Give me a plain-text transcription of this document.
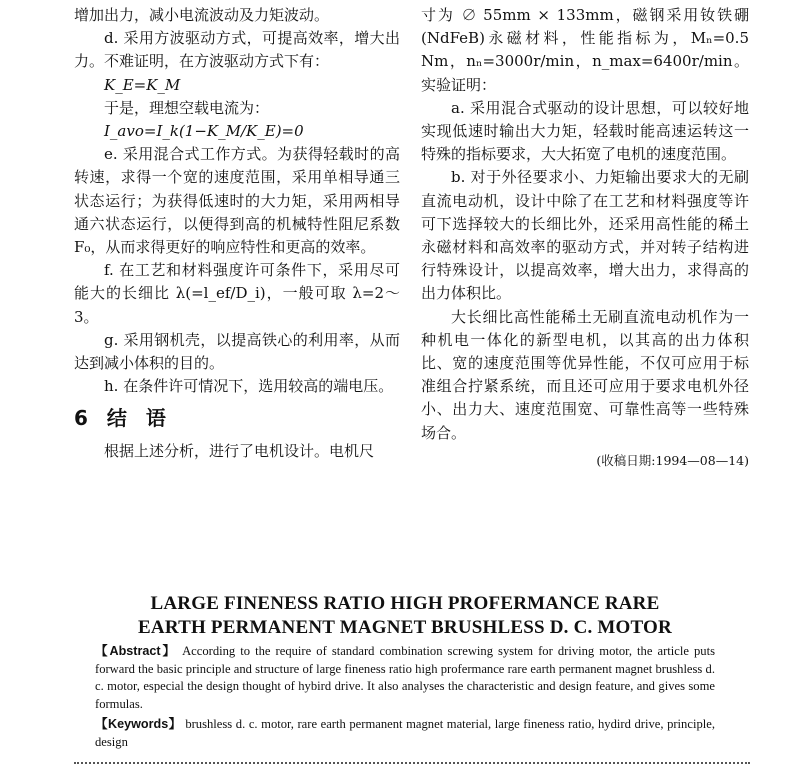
增加出力，减小电流波动及力矩波动。

d. 采用方波驱动方式，可提高效率，增大出力。不难证明，在方波驱动方式下有：

K_E=K_M

于是，理想空载电流为：

I_avo=I_k(1−K_M/K_E)=0

e. 采用混合式工作方式。为获得轻载时的高转速，求得一个宽的速度范围，采用单相导通三状态运行；为获得低速时的大力矩，采用两相导通六状态运行，以便得到高的机械特性阻尼系数 F₀，从而求得更好的响应特性和更高的效率。

f. 在工艺和材料强度许可条件下，采用尽可能大的长细比 λ(=l_ef/D_i)，一般可取 λ=2～3。

g. 采用钢机壳，以提高铁心的利用率，从而达到减小体积的目的。

h. 在条件许可情况下，选用较高的端电压。

6 结 语

根据上述分析，进行了电机设计。电机尺

寸为 ∅ 55mm × 133mm，磁钢采用钕铁硼(NdFeB)永磁材料，性能指标为，Mₙ=0.5 Nm，nₙ=3000r/min，n_max=6400r/min。实验证明：

a. 采用混合式驱动的设计思想，可以较好地实现低速时输出大力矩，轻载时能高速运转这一特殊的指标要求，大大拓宽了电机的速度范围。

b. 对于外径要求小、力矩输出要求大的无刷直流电动机，设计中除了在工艺和材料强度等许可下选择较大的长细比外，还采用高性能的稀土永磁材料和高效率的驱动方式，并对转子结构进行特殊设计，以提高效率，增大出力，求得高的出力体积比。

大长细比高性能稀土无刷直流电动机作为一种机电一体化的新型电机，以其高的出力体积比、宽的速度范围等优异性能，不仅可应用于标准组合拧紧系统，而且还可应用于要求电机外径小、出力大、速度范围宽、可靠性高等一些特殊场合。

(收稿日期:1994—08—14)

LARGE FINENESS RATIO HIGH PROFERMANCE RARE

EARTH PERMANENT MAGNET BRUSHLESS D. C. MOTOR

【Abstract】 According to the require of standard combination screwing system for driving motor, the article puts forward the basic principle and structure of large fineness ratio high profermance rare earth permanent magnet brushless d. c. motor, especial the design thought of hybird drive. It also analyses the characteristic and design feature, and gives some formulas.

【Keywords】 brushless d. c. motor, rare earth permanent magnet material, large fineness ratio, hydird drive, principle, design
